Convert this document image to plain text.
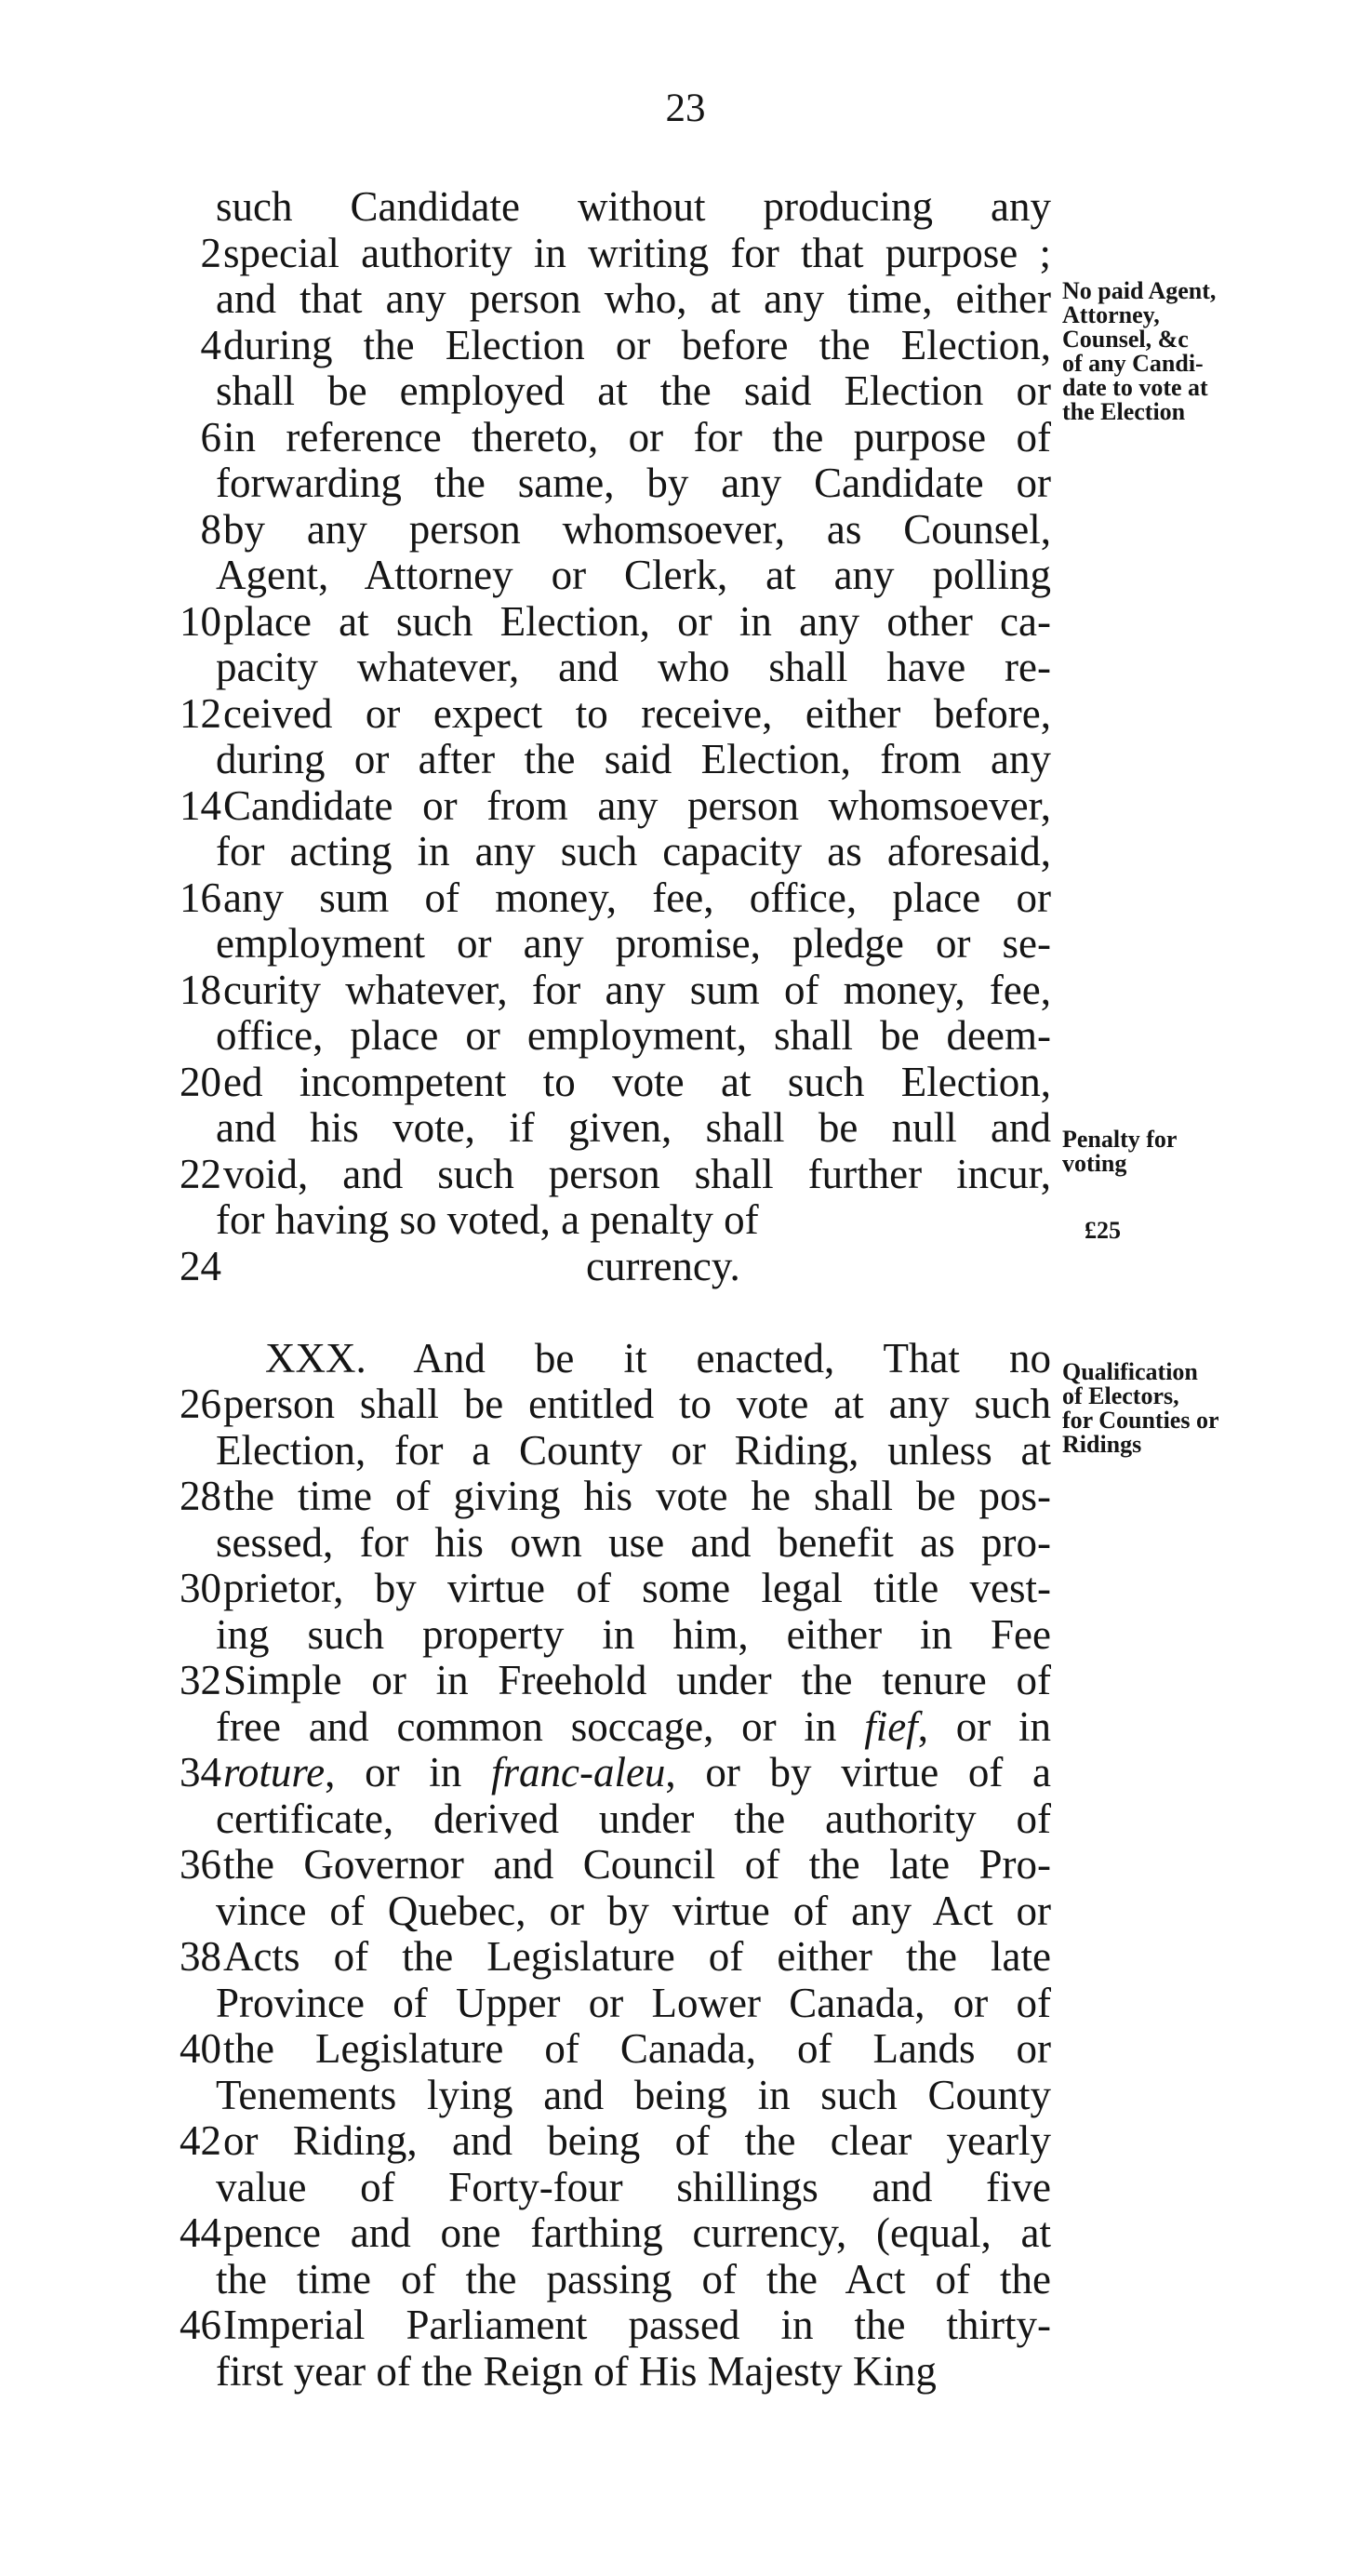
23
such Candidate without producing any
2 special authority in writing for that purpose ;
and that any person who, at any time, either
4 during the Election or before the Election,
shall be employed at the said Election or
6 in reference thereto, or for the purpose of
forwarding the same, by any Candidate or
8 by any person whomsoever, as Counsel,
Agent, Attorney or Clerk, at any polling
10 place at such Election, or in any other ca-
pacity whatever, and who shall have re-
12 ceived or expect to receive, either before,
during or after the said Election, from any
14 Candidate or from any person whomsoever,
for acting in any such capacity as aforesaid,
16 any sum of money, fee, office, place or
employment or any promise, pledge or se-
18 curity whatever, for any sum of money, fee,
office, place or employment, shall be deem-
20 ed incompetent to vote at such Election,
and his vote, if given, shall be null and
22 void, and such person shall further incur,
for having so voted, a penalty of
24	currency.
XXX. And be it enacted, That no
26 person shall be entitled to vote at any such
Election, for a County or Riding, unless at
28 the time of giving his vote he shall be pos-
sessed, for his own use and benefit as pro-
30 prietor, by virtue of some legal title vest-
ing such property in him, either in Fee
32 Simple or in Freehold under the tenure of
free and common soccage, or in fief, or in
34 roture, or in franc-aleu, or by virtue of a
certificate, derived under the authority of
36 the Governor and Council of the late Pro-
vince of Quebec, or by virtue of any Act or
38 Acts of the Legislature of either the late
Province of Upper or Lower Canada, or of
40 the Legislature of Canada, of Lands or
Tenements lying and being in such County
42 or Riding, and being of the clear yearly
value of Forty-four shillings and five
44 pence and one farthing currency, (equal, at
the time of the passing of the Act of the
46 Imperial Parliament passed in the thirty-
first year of the Reign of His Majesty King
No paid Agent,
Attorney,
Counsel, &c
of any Candi-
date to vote at
the Election
Penalty for
voting
£25
Qualification
of Electors,
for Counties or
Ridings
